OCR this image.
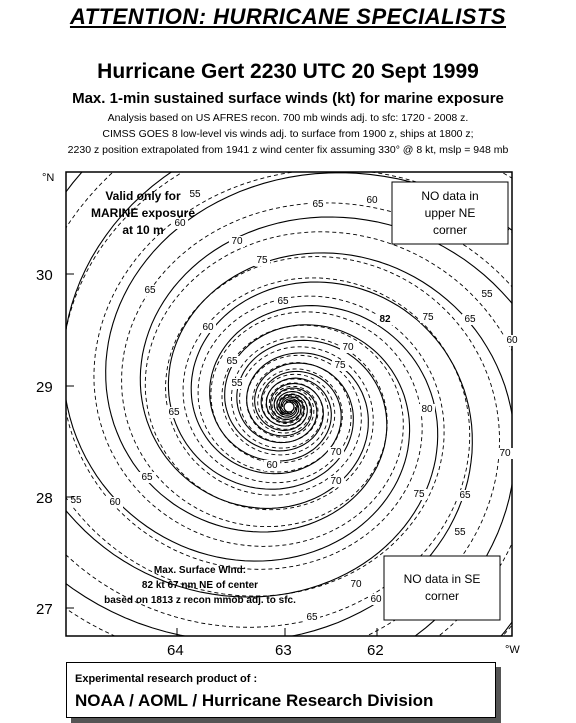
ATTENTION: HURRICANE SPECIALISTS
Hurricane Gert 2230 UTC 20 Sept 1999
Max. 1-min sustained surface winds (kt) for marine exposure
Analysis based on US AFRES recon. 700 mb winds adj. to sfc: 1720 - 2008 z.
CIMSS GOES 8 low-level vis winds adj. to surface from 1900 z, ships at 1800 z;
2230 z position extrapolated from 1941 z wind center fix assuming 330° @ 8 kt, mslp = 948 mb
55
60
65	60
70
75
55
65
82	75	65
60
70
75
80
65
55
65
60
65
70
60
70
75
70
65
55	60
65
70
65
60
55
°N
30
29
28
27
64	63	62	°W
Valid only for
MARINE exposure
at 10 m
NO data in
upper NE
corner
NO data in SE
corner
Max. Surface Wind:
82 kt 67 nm NE of center
based on 1813 z recon mmob adj. to sfc.
Experimental research product of :
NOAA / AOML / Hurricane Research Division
